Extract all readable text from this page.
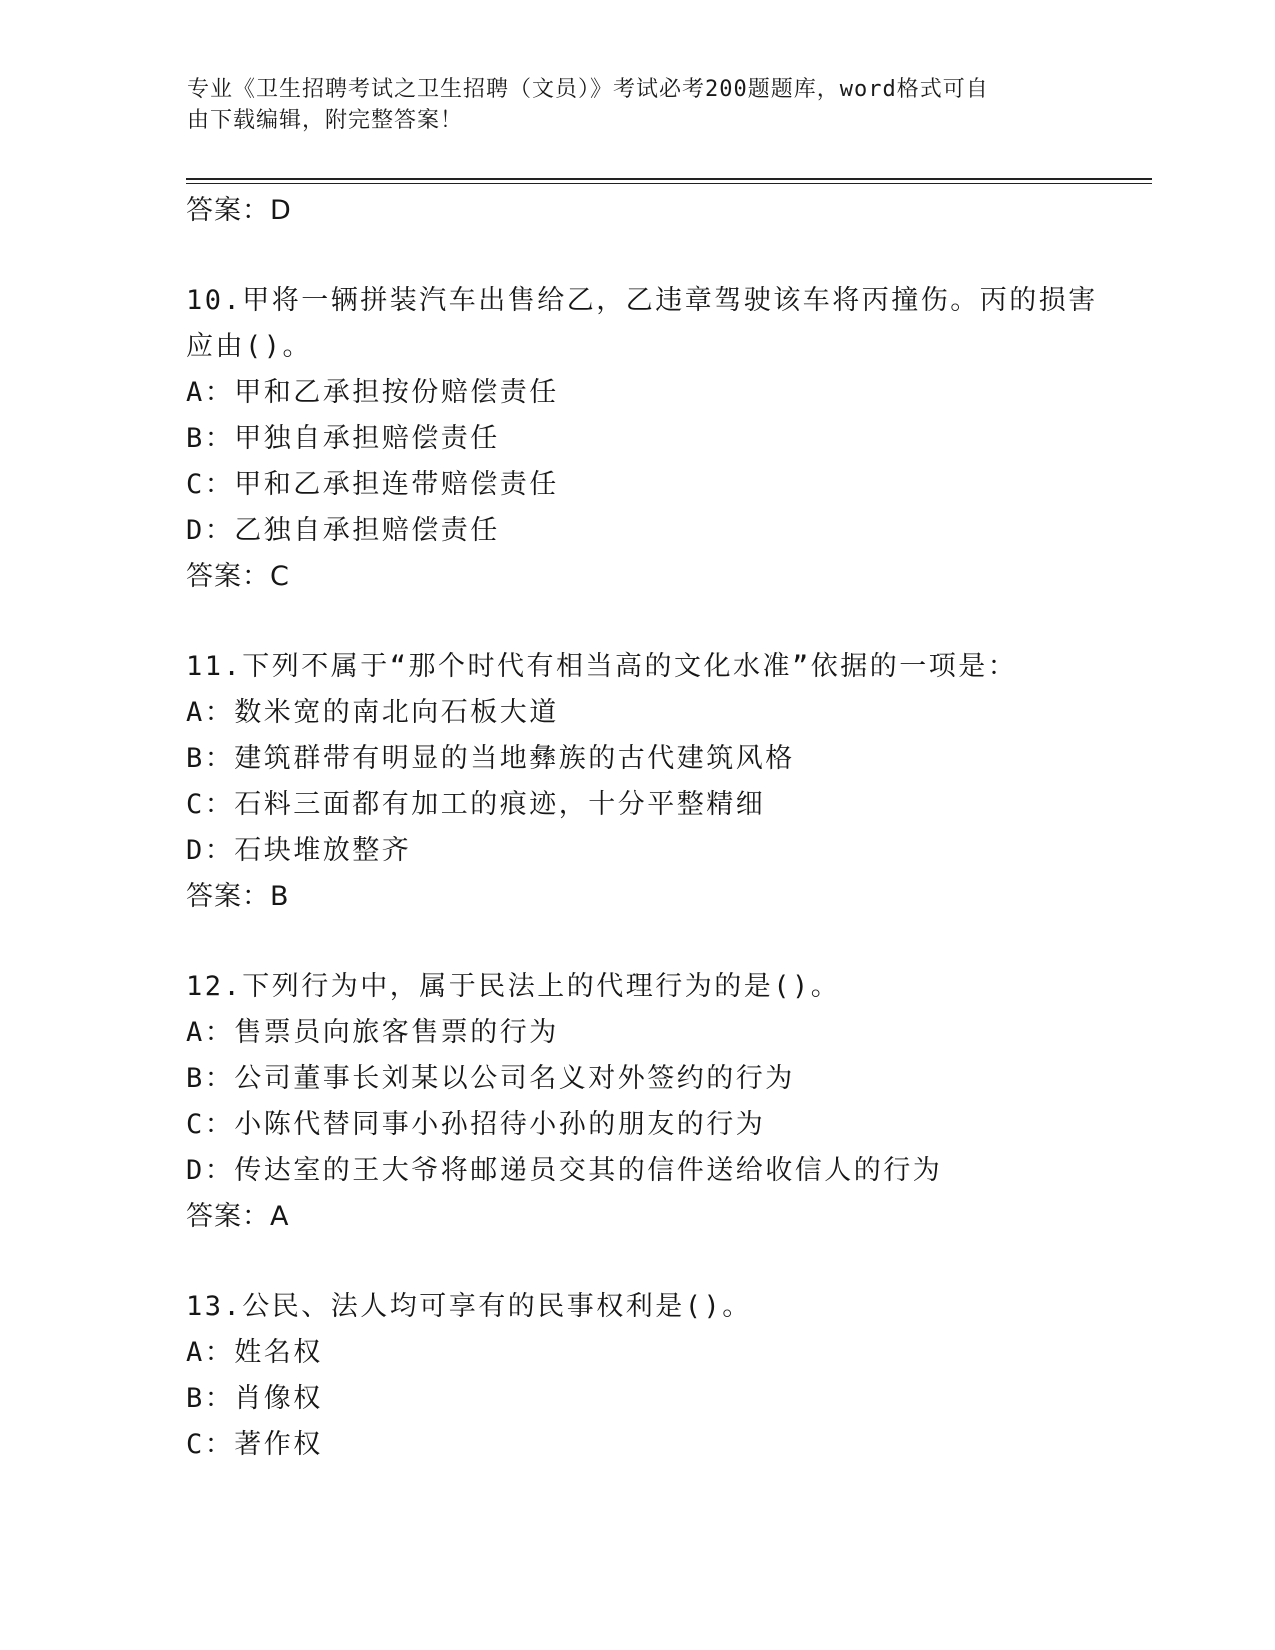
专业《卫生招聘考试之卫生招聘（文员）》考试必考200题题库，word格式可自
由下载编辑，附完整答案！
答案：D
10.甲将一辆拼装汽车出售给乙，乙违章驾驶该车将丙撞伤。丙的损害
应由()。
A：甲和乙承担按份赔偿责任
B：甲独自承担赔偿责任
C：甲和乙承担连带赔偿责任
D：乙独自承担赔偿责任
答案：C
11.下列不属于“那个时代有相当高的文化水准”依据的一项是：
A：数米宽的南北向石板大道
B：建筑群带有明显的当地彝族的古代建筑风格
C：石料三面都有加工的痕迹，十分平整精细
D：石块堆放整齐
答案：B
12.下列行为中，属于民法上的代理行为的是()。
A：售票员向旅客售票的行为
B：公司董事长刘某以公司名义对外签约的行为
C：小陈代替同事小孙招待小孙的朋友的行为
D：传达室的王大爷将邮递员交其的信件送给收信人的行为
答案：A
13.公民、法人均可享有的民事权利是()。
A：姓名权
B：肖像权
C：著作权
